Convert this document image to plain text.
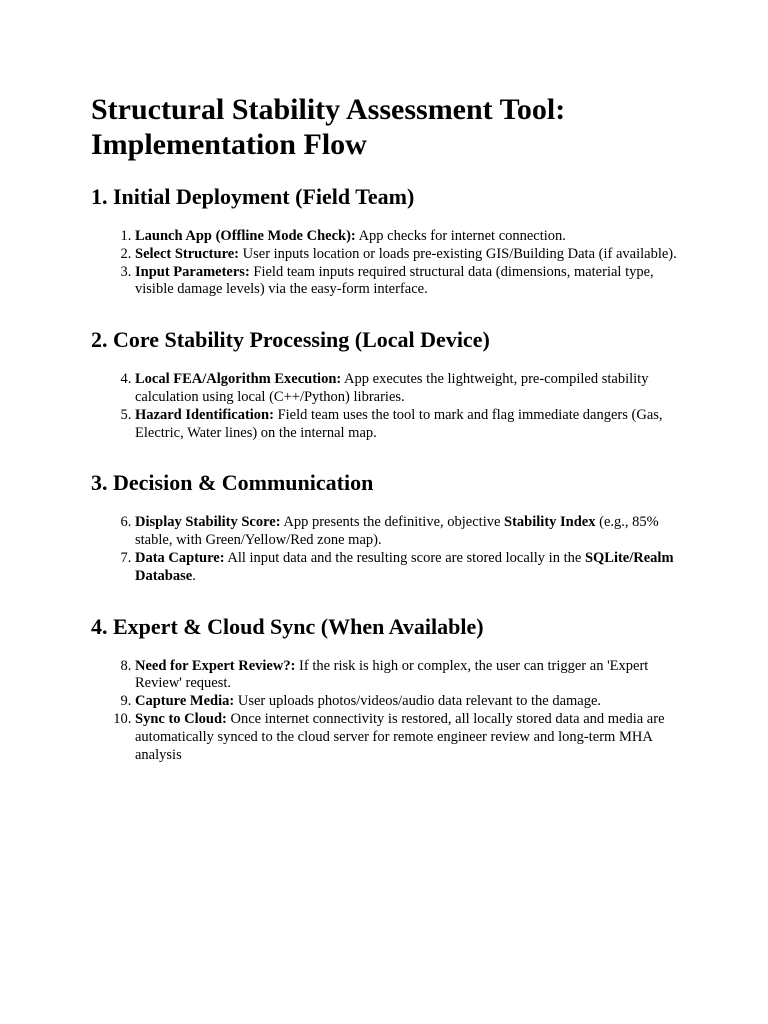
Structural Stability Assessment Tool:
Implementation Flow
1. Initial Deployment (Field Team)
1. Launch App (Offline Mode Check): App checks for internet connection.
2. Select Structure: User inputs location or loads pre-existing GIS/Building Data (if available).
3. Input Parameters: Field team inputs required structural data (dimensions, material type, visible damage levels) via the easy-form interface.
2. Core Stability Processing (Local Device)
4. Local FEA/Algorithm Execution: App executes the lightweight, pre-compiled stability calculation using local (C++/Python) libraries.
5. Hazard Identification: Field team uses the tool to mark and flag immediate dangers (Gas, Electric, Water lines) on the internal map.
3. Decision & Communication
6. Display Stability Score: App presents the definitive, objective Stability Index (e.g., 85% stable, with Green/Yellow/Red zone map).
7. Data Capture: All input data and the resulting score are stored locally in the SQLite/Realm Database.
4. Expert & Cloud Sync (When Available)
8. Need for Expert Review?: If the risk is high or complex, the user can trigger an 'Expert Review' request.
9. Capture Media: User uploads photos/videos/audio data relevant to the damage.
10. Sync to Cloud: Once internet connectivity is restored, all locally stored data and media are automatically synced to the cloud server for remote engineer review and long-term MHA analysis
